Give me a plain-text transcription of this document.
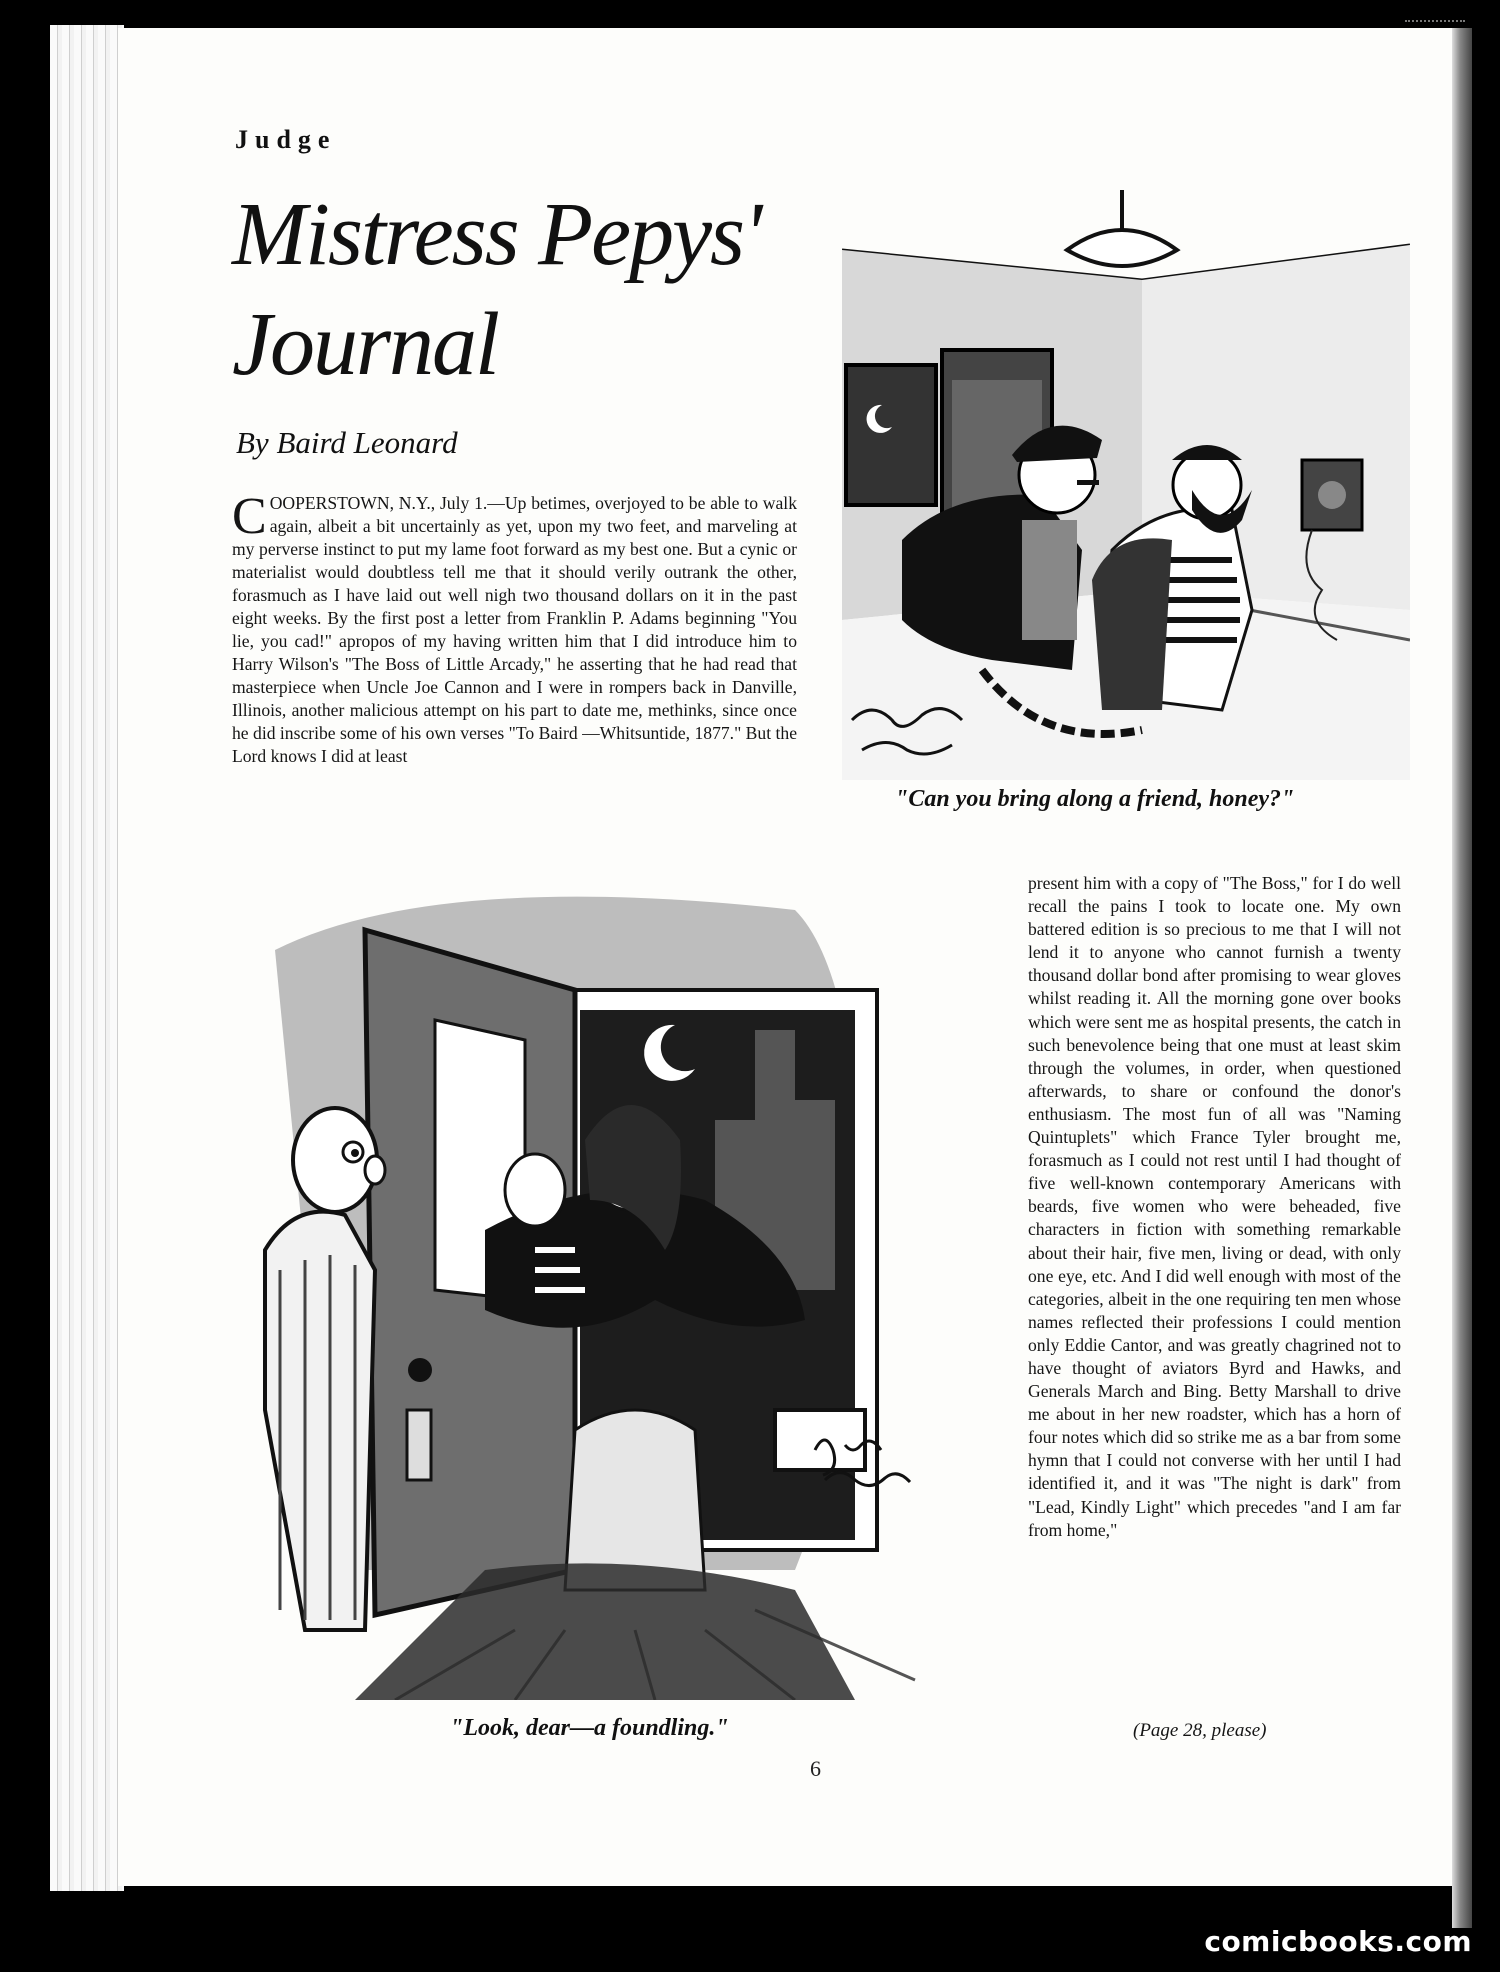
Judge
Mistress Pepys' Journal
By Baird Leonard
COOPERSTOWN, N.Y., July 1.—Up betimes, overjoyed to be able to walk again, albeit a bit uncertainly as yet, upon my two feet, and marveling at my perverse instinct to put my lame foot forward as my best one. But a cynic or materialist would doubtless tell me that it should verily outrank the other, forasmuch as I have laid out well nigh two thousand dollars on it in the past eight weeks. By the first post a letter from Franklin P. Adams beginning "You lie, you cad!" apropos of my having written him that I did introduce him to Harry Wilson's "The Boss of Little Arcady," he asserting that he had read that masterpiece when Uncle Joe Cannon and I were in rompers back in Danville, Illinois, another malicious attempt on his part to date me, methinks, since once he did inscribe some of his own verses "To Baird —Whitsuntide, 1877." But the Lord knows I did at least
"Can you bring along a friend, honey?"
"Look, dear—a foundling."
present him with a copy of "The Boss," for I do well recall the pains I took to locate one. My own battered edition is so precious to me that I will not lend it to anyone who cannot furnish a twenty thousand dollar bond after promising to wear gloves whilst reading it. All the morning gone over books which were sent me as hospital presents, the catch in such benevolence being that one must at least skim through the volumes, in order, when questioned afterwards, to share or confound the donor's enthusiasm. The most fun of all was "Naming Quintuplets" which France Tyler brought me, forasmuch as I could not rest until I had thought of five well-known contemporary Americans with beards, five women who were beheaded, five characters in fiction with something remarkable about their hair, five men, living or dead, with only one eye, etc. And I did well enough with most of the categories, albeit in the one requiring ten men whose names reflected their professions I could mention only Eddie Cantor, and was greatly chagrined not to have thought of aviators Byrd and Hawks, and Generals March and Bing. Betty Marshall to drive me about in her new roadster, which has a horn of four notes which did so strike me as a bar from some hymn that I could not converse with her until I had identified it, and it was "The night is dark" from "Lead, Kindly Light" which precedes "and I am far from home,"
(Page 28, please)
6
comicbooks.com
